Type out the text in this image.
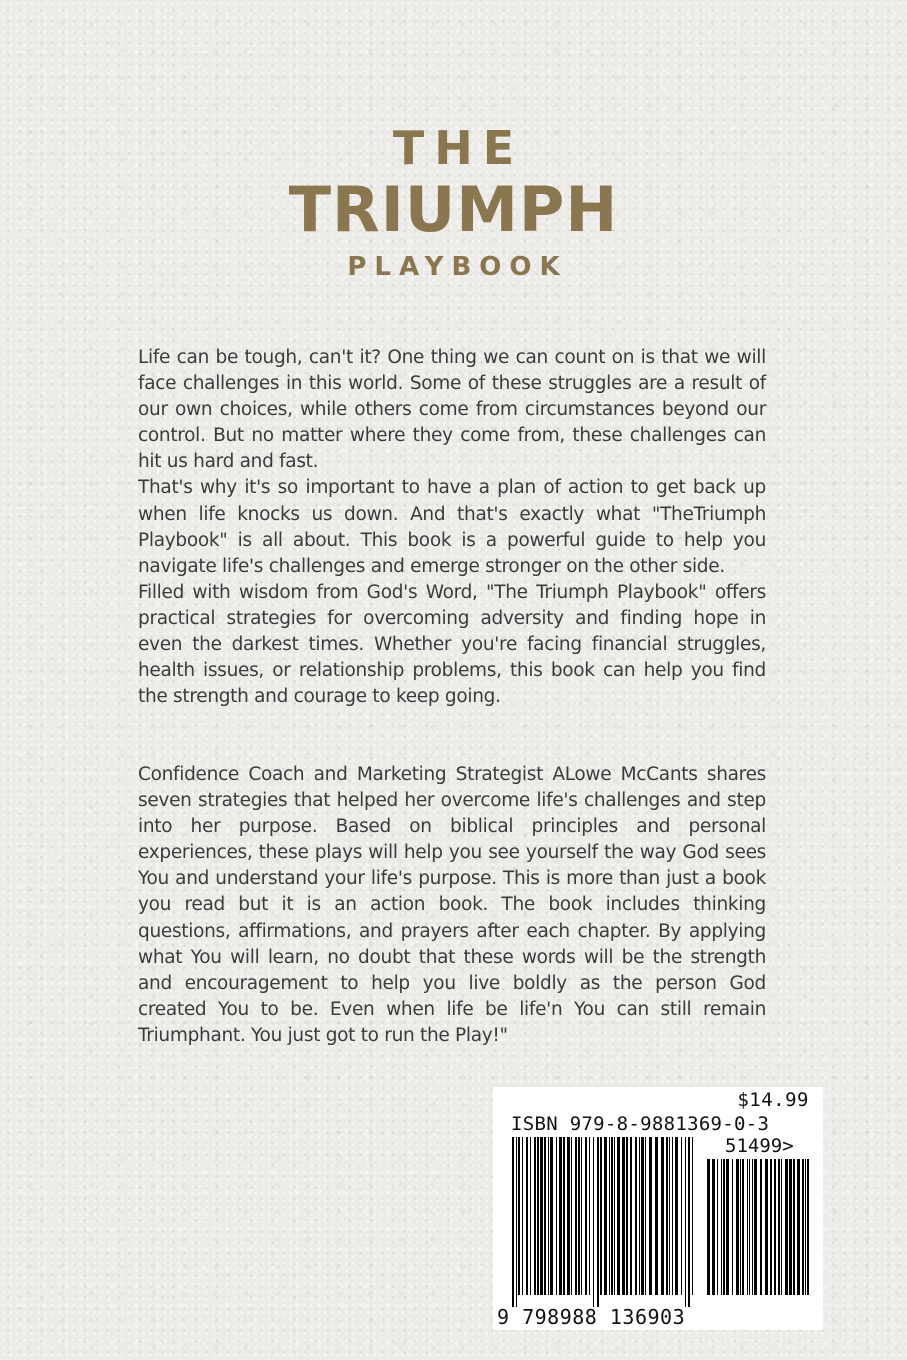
THE
TRIUMPH
PLAYBOOK

Life can be tough, can't it? One thing we can count on is that we will face challenges in this world. Some of these struggles are a result of our own choices, while others come from circumstances beyond our control. But no matter where they come from, these challenges can hit us hard and fast.

That's why it's so important to have a plan of action to get back up when life knocks us down. And that's exactly what "TheTriumph Playbook" is all about. This book is a powerful guide to help you navigate life's challenges and emerge stronger on the other side.

Filled with wisdom from God's Word, "The Triumph Playbook" offers practical strategies for overcoming adversity and finding hope in even the darkest times. Whether you're facing financial struggles, health issues, or relationship problems, this book can help you find the strength and courage to keep going.

Confidence Coach and Marketing Strategist ALowe McCants shares seven strategies that helped her overcome life's challenges and step into her purpose. Based on biblical principles and personal experiences, these plays will help you see yourself the way God sees You and understand your life's purpose. This is more than just a book you read but it is an action book. The book includes thinking questions, affirmations, and prayers after each chapter. By applying what You will learn, no doubt that these words will be the strength and encouragement to help you live boldly as the person God created You to be. Even when life be life'n You can still remain Triumphant. You just got to run the Play!"

$14.99
ISBN 979-8-9881369-0-3
51499>
9 798988 136903
